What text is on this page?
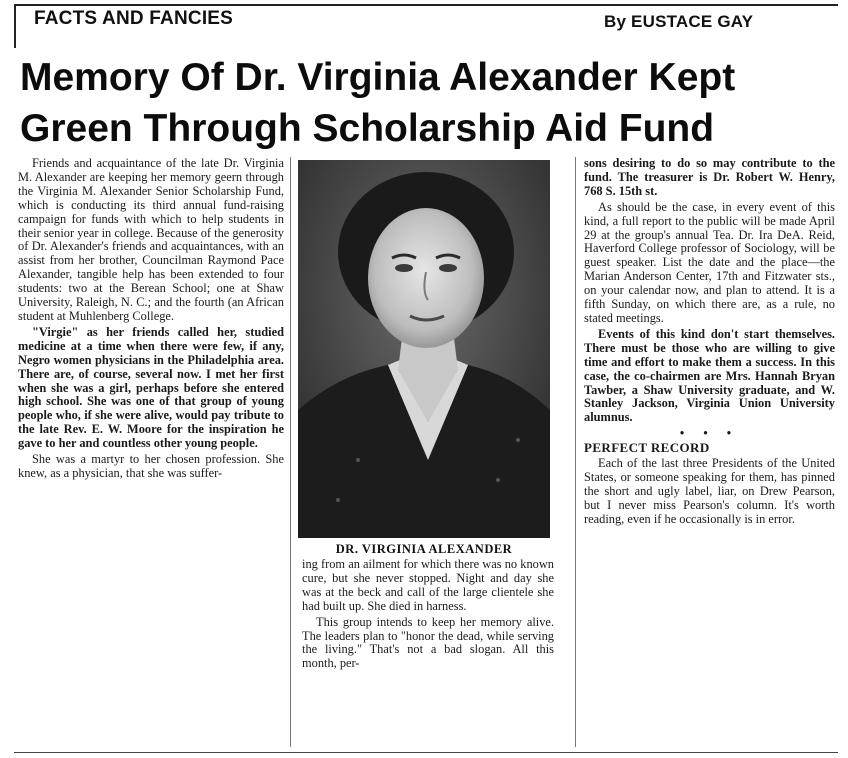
FACTS AND FANCIES	By EUSTACE GAY
Memory Of Dr. Virginia Alexander Kept
Green Through Scholarship Aid Fund

Friends and acquaintance of the late Dr. Virginia M. Alexander are keeping her memory geern through the Virginia M. Alexander Senior Scholarship Fund, which is conducting its third annual fund-raising campaign for funds with which to help students in their senior year in college. Because of the generosity of Dr. Alexander's friends and acquaintances, with an assist from her brother, Councilman Raymond Pace Alexander, tangible help has been extended to four students: two at the Berean School; one at Shaw University, Raleigh, N. C.; and the fourth (an African student at Muhlenberg College.

"Virgie" as her friends called her, studied medicine at a time when there were few, if any, Negro women physicians in the Philadelphia area. There are, of course, several now. I met her first when she was a girl, perhaps before she entered high school. She was one of that group of young people who, if she were alive, would pay tribute to the late Rev. E. W. Moore for the inspiration he gave to her and countless other young people.

She was a martyr to her chosen profession. She knew, as a physician, that she was suffer-

DR. VIRGINIA ALEXANDER

ing from an ailment for which there was no known cure, but she never stopped. Night and day she was at the beck and call of the large clientele she had built up. She died in harness.

This group intends to keep her memory alive. The leaders plan to "honor the dead, while serving the living." That's not a bad slogan. All this month, per-

sons desiring to do so may contribute to the fund. The treasurer is Dr. Robert W. Henry, 768 S. 15th st.

As should be the case, in every event of this kind, a full report to the public will be made April 29 at the group's annual Tea. Dr. Ira DeA. Reid, Haverford College professor of Sociology, will be guest speaker. List the date and the place—the Marian Anderson Center, 17th and Fitzwater sts., on your calendar now, and plan to attend. It is a fifth Sunday, on which there are, as a rule, no stated meetings.

Events of this kind don't start themselves. There must be those who are willing to give time and effort to make them a success. In this case, the co-chairmen are Mrs. Hannah Bryan Tawber, a Shaw University graduate, and W. Stanley Jackson, Virginia Union University alumnus.

• • •

PERFECT RECORD

Each of the last three Presidents of the United States, or someone speaking for them, has pinned the short and ugly label, liar, on Drew Pearson, but I never miss Pearson's column. It's worth reading, even if he occasionally is in error.
